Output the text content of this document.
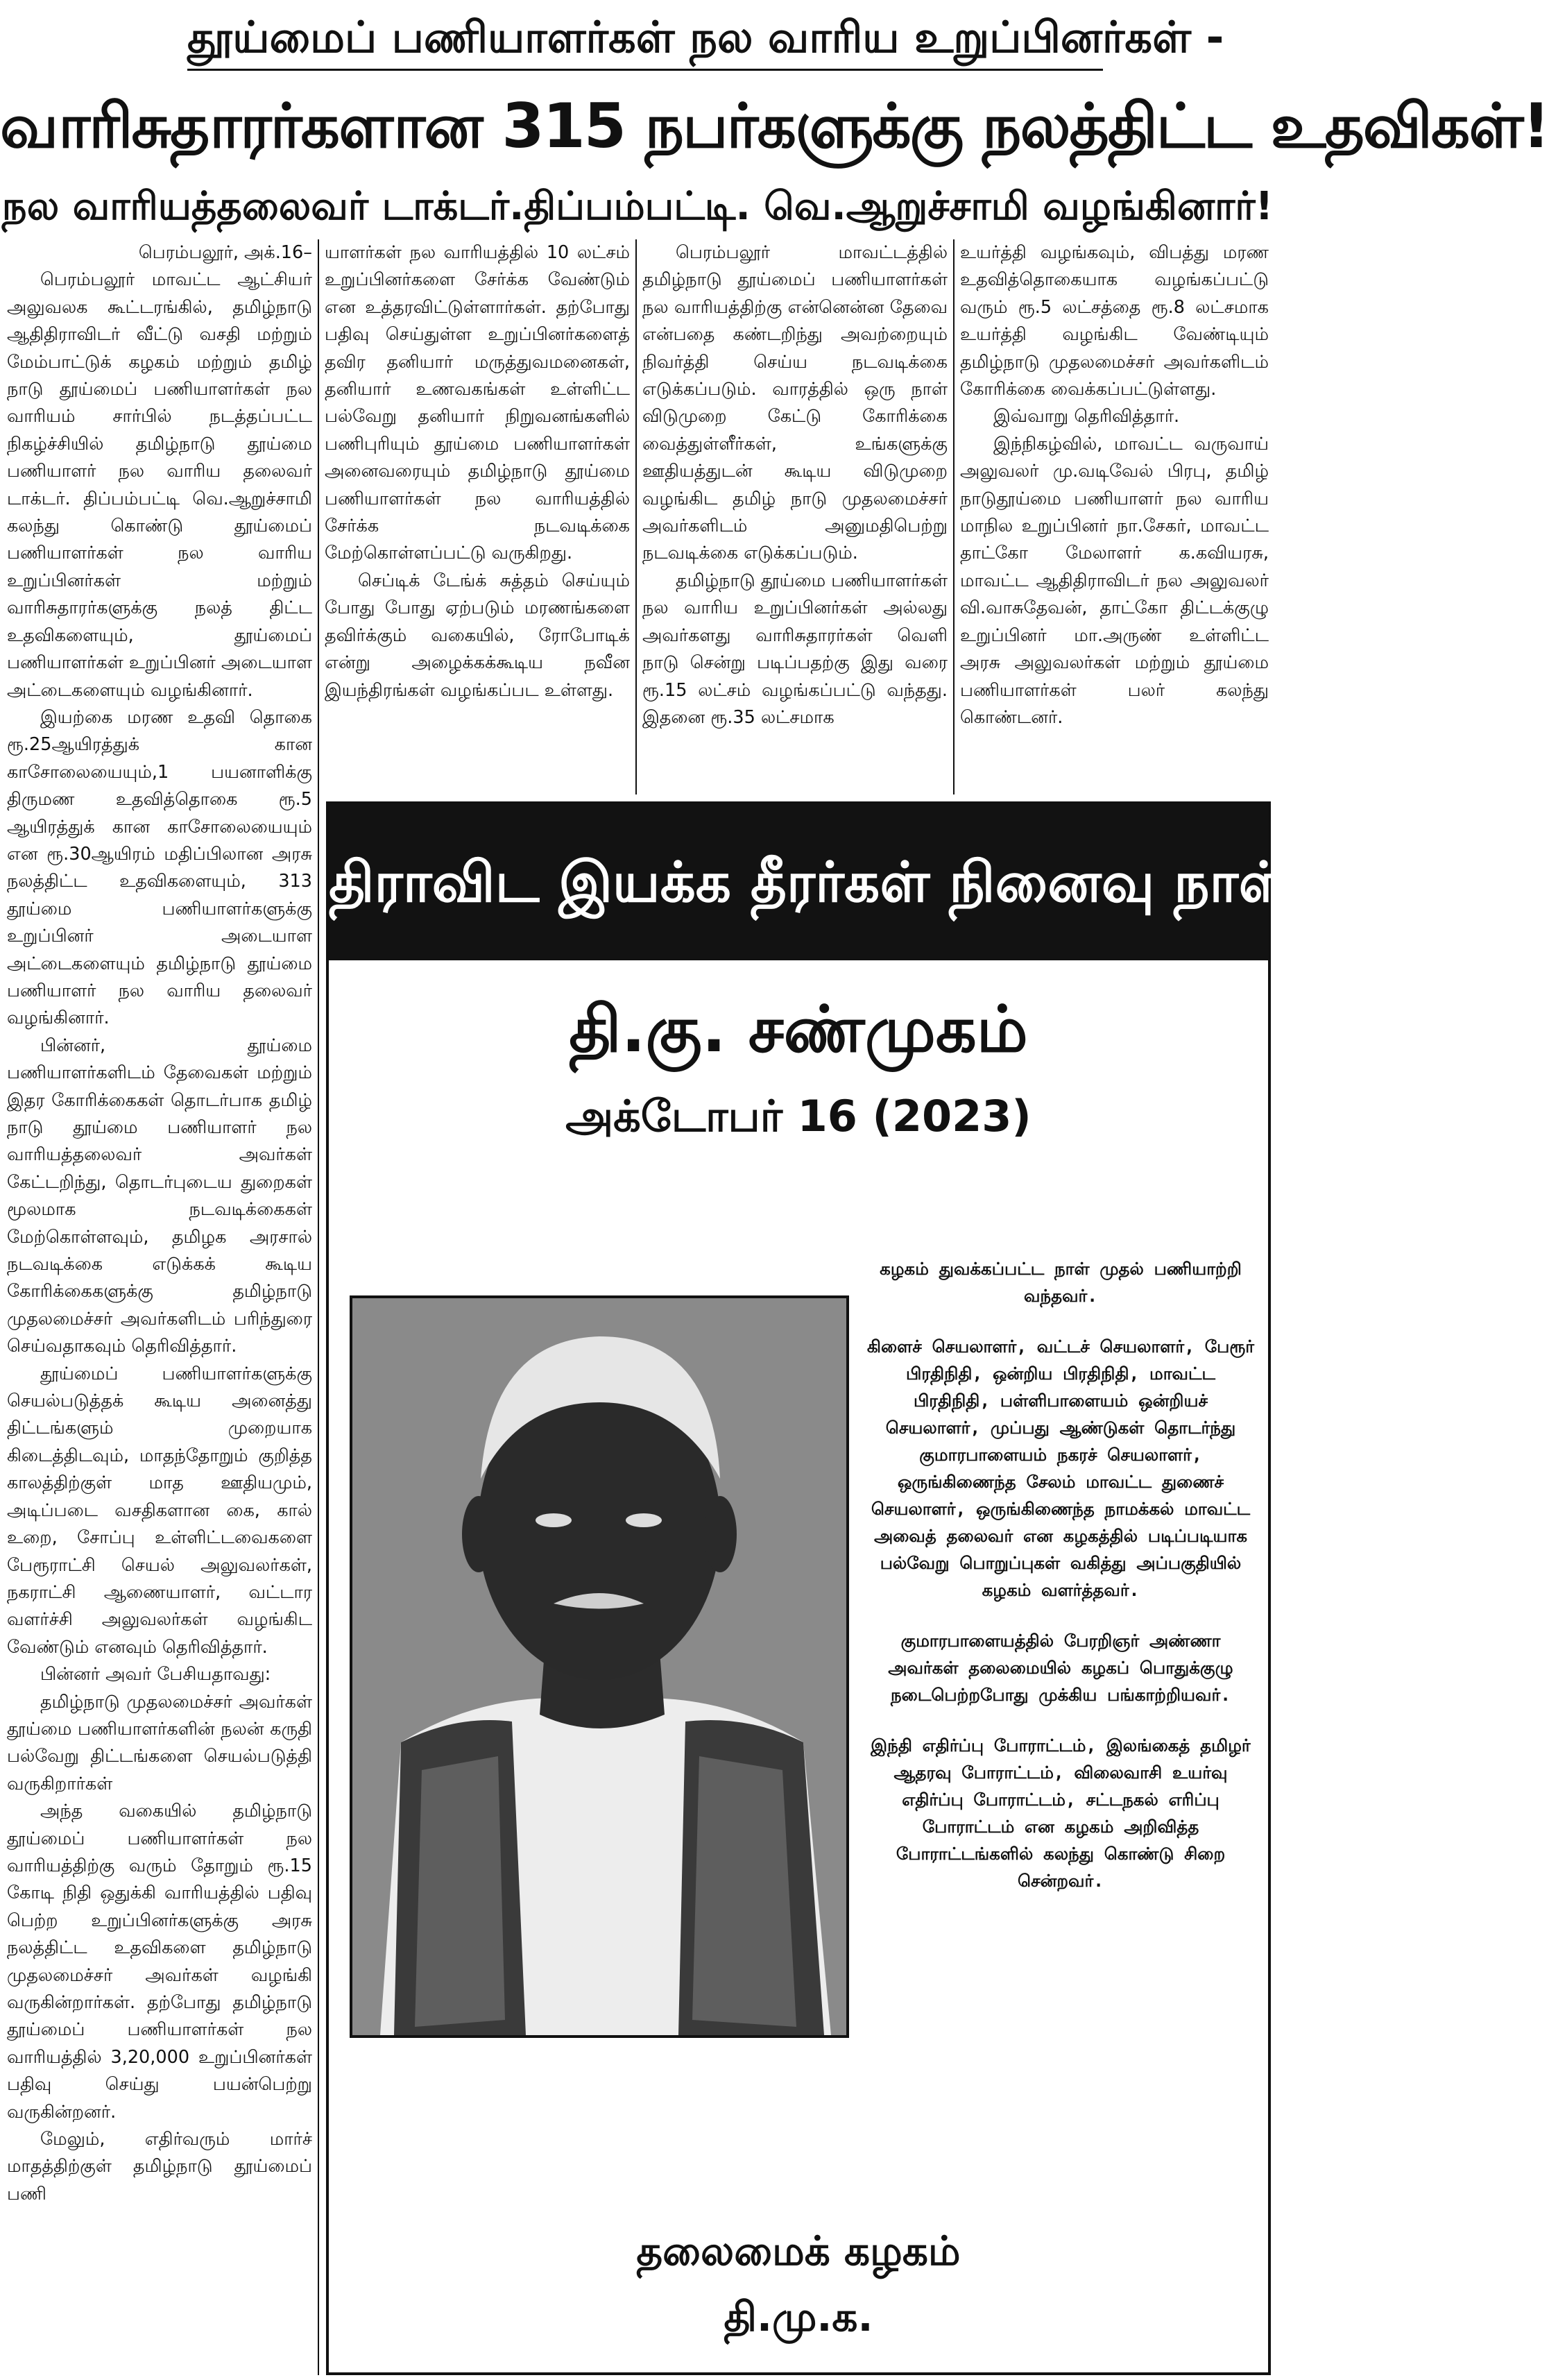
தூய்மைப் பணியாளர்கள் நல வாரிய உறுப்பினர்கள் -
வாரிசுதாரர்களான 315 நபர்களுக்கு நலத்திட்ட உதவிகள்!
நல வாரியத்தலைவர் டாக்டர்.திப்பம்பட்டி. வெ.ஆறுச்சாமி வழங்கினார்!

பெரம்பலூர், அக்.16–

பெரம்பலூர் மாவட்ட ஆட்சியர் அலுவலக கூட்டரங்கில், தமிழ்நாடு ஆதிதிராவிடர் வீட்டு வசதி மற்றும் மேம்பாட்டுக் கழகம் மற்றும் தமிழ் நாடு தூய்மைப் பணியாளர்கள் நல வாரியம் சார்பில் நடத்தப்பட்ட நிகழ்ச்சியில் தமிழ்நாடு தூய்மை பணியாளர் நல வாரிய தலைவர் டாக்டர். திப்பம்பட்டி வெ.ஆறுச்சாமி கலந்து கொண்டு தூய்மைப் பணியாளர்கள் நல வாரிய உறுப்பினர்கள் மற்றும் வாரிசுதாரர்களுக்கு நலத் திட்ட உதவிகளையும், தூய்மைப் பணியாளர்கள் உறுப்பினர் அடையாள அட்டைகளையும் வழங்கினார்.

இயற்கை மரண உதவி தொகை ரூ.25ஆயிரத்துக் கான காசோலையையும்,1 பயனாளிக்கு திருமண உதவித்தொகை ரூ.5 ஆயிரத்துக் கான காசோலையையும் என ரூ.30ஆயிரம் மதிப்பிலான அரசு நலத்திட்ட உதவிகளையும், 313 தூய்மை பணியாளர்களுக்கு உறுப்பினர் அடையாள அட்டைகளையும் தமிழ்நாடு தூய்மை பணியாளர் நல வாரிய தலைவர் வழங்கினார்.

பின்னர், தூய்மை பணியாளர்களிடம் தேவைகள் மற்றும் இதர கோரிக்கைகள் தொடர்பாக தமிழ் நாடு தூய்மை பணியாளர் நல வாரியத்தலைவர் அவர்கள் கேட்டறிந்து, தொடர்புடைய துறைகள் மூலமாக நடவடிக்கைகள் மேற்கொள்ளவும், தமிழக அரசால் நடவடிக்கை எடுக்கக் கூடிய கோரிக்கைகளுக்கு தமிழ்நாடு முதலமைச்சர் அவர்களிடம் பரிந்துரை செய்வதாகவும் தெரிவித்தார்.

தூய்மைப் பணியாளர்களுக்கு செயல்படுத்தக் கூடிய அனைத்து திட்டங்களும் முறையாக கிடைத்திடவும், மாதந்தோறும் குறித்த காலத்திற்குள் மாத ஊதியமும், அடிப்படை வசதிகளான கை, கால் உறை, சோப்பு உள்ளிட்டவைகளை பேரூராட்சி செயல் அலுவலர்கள், நகராட்சி ஆணையாளர், வட்டார வளர்ச்சி அலுவலர்கள் வழங்கிட வேண்டும் எனவும் தெரிவித்தார்.

பின்னர் அவர் பேசியதாவது:

தமிழ்நாடு முதலமைச்சர் அவர்கள் தூய்மை பணியாளர்களின் நலன் கருதி பல்வேறு திட்டங்களை செயல்படுத்தி வருகிறார்கள்

அந்த வகையில் தமிழ்நாடு தூய்மைப் பணியாளர்கள் நல வாரியத்திற்கு வரும் தோறும் ரூ.15 கோடி நிதி ஒதுக்கி வாரியத்தில் பதிவு பெற்ற உறுப்பினர்களுக்கு அரசு நலத்திட்ட உதவிகளை தமிழ்நாடு முதலமைச்சர் அவர்கள் வழங்கி வருகின்றார்கள். தற்போது தமிழ்நாடு தூய்மைப் பணியாளர்கள் நல வாரியத்தில் 3,20,000 உறுப்பினர்கள் பதிவு செய்து பயன்பெற்று வருகின்றனர்.

மேலும், எதிர்வரும் மார்ச் மாதத்திற்குள் தமிழ்நாடு தூய்மைப் பணி

யாளர்கள் நல வாரியத்தில் 10 லட்சம் உறுப்பினர்களை சேர்க்க வேண்டும் என உத்தரவிட்டுள்ளார்கள். தற்போது பதிவு செய்துள்ள உறுப்பினர்களைத் தவிர தனியார் மருத்துவமனைகள், தனியார் உணவகங்கள் உள்ளிட்ட பல்வேறு தனியார் நிறுவனங்களில் பணிபுரியும் தூய்மை பணியாளர்கள் அனைவரையும் தமிழ்நாடு தூய்மை பணியாளர்கள் நல வாரியத்தில் சேர்க்க நடவடிக்கை மேற்கொள்ளப்பட்டு வருகிறது.

செப்டிக் டேங்க் சுத்தம் செய்யும் போது போது ஏற்படும் மரணங்களை தவிர்க்கும் வகையில், ரோபோடிக் என்று அழைக்கக்கூடிய நவீன இயந்திரங்கள் வழங்கப்பட உள்ளது.

பெரம்பலூர் மாவட்டத்தில் தமிழ்நாடு தூய்மைப் பணியாளர்கள் நல வாரியத்திற்கு என்னென்ன தேவை என்பதை கண்டறிந்து அவற்றையும் நிவர்த்தி செய்ய நடவடிக்கை எடுக்கப்படும். வாரத்தில் ஒரு நாள் விடுமுறை கேட்டு கோரிக்கை வைத்துள்ளீர்கள், உங்களுக்கு ஊதியத்துடன் கூடிய விடுமுறை வழங்கிட தமிழ் நாடு முதலமைச்சர் அவர்களிடம் அனுமதிபெற்று நடவடிக்கை எடுக்கப்படும்.

தமிழ்நாடு தூய்மை பணியாளர்கள் நல வாரிய உறுப்பினர்கள் அல்லது அவர்களது வாரிசுதாரர்கள் வெளி நாடு சென்று படிப்பதற்கு இது வரை ரூ.15 லட்சம் வழங்கப்பட்டு வந்தது. இதனை ரூ.35 லட்சமாக

உயர்த்தி வழங்கவும், விபத்து மரண உதவித்தொகையாக வழங்கப்பட்டு வரும் ரூ.5 லட்சத்தை ரூ.8 லட்சமாக உயர்த்தி வழங்கிட வேண்டியும் தமிழ்நாடு முதலமைச்சர் அவர்களிடம் கோரிக்கை வைக்கப்பட்டுள்ளது.

இவ்வாறு தெரிவித்தார்.

இந்நிகழ்வில், மாவட்ட வருவாய் அலுவலர் மு.வடிவேல் பிரபு, தமிழ் நாடுதூய்மை பணியாளர் நல வாரிய மாநில உறுப்பினர் நா.சேகர், மாவட்ட தாட்கோ மேலாளர் க.கவியரசு, மாவட்ட ஆதிதிராவிடர் நல அலுவலர் வி.வாசுதேவன், தாட்கோ திட்டக்குழு உறுப்பினர் மா.அருண் உள்ளிட்ட அரசு அலுவலர்கள் மற்றும் தூய்மை பணியாளர்கள் பலர் கலந்து கொண்டனர்.

திராவிட இயக்க தீரர்கள் நினைவு நாள்
தி.கு. சண்முகம்
அக்டோபர் 16 (2023)

கழகம் துவக்கப்பட்ட நாள் முதல் பணியாற்றி வந்தவர்.

கிளைச் செயலாளர், வட்டச் செயலாளர், பேரூர் பிரதிநிதி, ஒன்றிய பிரதிநிதி, மாவட்ட பிரதிநிதி, பள்ளிபாளையம் ஒன்றியச் செயலாளர், முப்பது ஆண்டுகள் தொடர்ந்து குமாரபாளையம் நகரச் செயலாளர், ஒருங்கிணைந்த சேலம் மாவட்ட துணைச் செயலாளர், ஒருங்கிணைந்த நாமக்கல் மாவட்ட அவைத் தலைவர் என கழகத்தில் படிப்படியாக பல்வேறு பொறுப்புகள் வகித்து அப்பகுதியில் கழகம் வளர்த்தவர்.

குமாரபாளையத்தில் பேரறிஞர் அண்ணா அவர்கள் தலைமையில் கழகப் பொதுக்குழு நடைபெற்றபோது முக்கிய பங்காற்றியவர்.

இந்தி எதிர்ப்பு போராட்டம், இலங்கைத் தமிழர் ஆதரவு போராட்டம், விலைவாசி உயர்வு எதிர்ப்பு போராட்டம், சட்டநகல் எரிப்பு போராட்டம் என கழகம் அறிவித்த போராட்டங்களில் கலந்து கொண்டு சிறை சென்றவர்.

தலைமைக் கழகம்
தி.மு.க.
